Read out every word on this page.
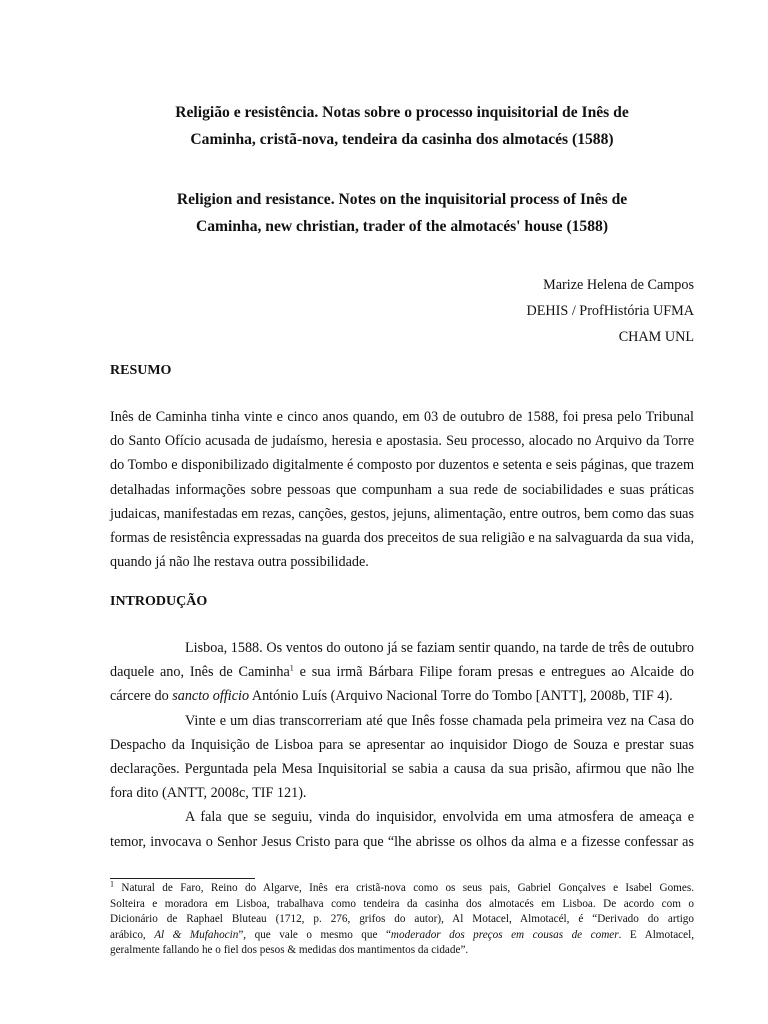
Religião e resistência. Notas sobre o processo inquisitorial de Inês de
Caminha, cristã-nova, tendeira da casinha dos almotacés (1588)
Religion and resistance. Notes on the inquisitorial process of Inês de
Caminha, new christian, trader of the almotacés' house (1588)
Marize Helena de Campos
DEHIS / ProfHistória UFMA
CHAM UNL
RESUMO

Inês de Caminha tinha vinte e cinco anos quando, em 03 de outubro de 1588, foi presa pelo Tribunal
do Santo Ofício acusada de judaísmo, heresia e apostasia. Seu processo, alocado no Arquivo da Torre
do Tombo e disponibilizado digitalmente é composto por duzentos e setenta e seis páginas, que trazem
detalhadas informações sobre pessoas que compunham a sua rede de sociabilidades e suas práticas
judaicas, manifestadas em rezas, canções, gestos, jejuns, alimentação, entre outros, bem como das suas
formas de resistência expressadas na guarda dos preceitos de sua religião e na salvaguarda da sua vida,
quando já não lhe restava outra possibilidade.

INTRODUÇÃO
Lisboa, 1588. Os ventos do outono já se faziam sentir quando, na tarde de três de outubro
daquele ano, Inês de Caminha$^1$ e sua irmã Bárbara Filipe foram presas e entregues ao Alcaide do
cárcere do sancto officio António Luís (Arquivo Nacional Torre do Tombo [ANTT], 2008b, TIF 4).
Vinte e um dias transcorreriam até que Inês fosse chamada pela primeira vez na Casa do
Despacho da Inquisição de Lisboa para se apresentar ao inquisidor Diogo de Souza e prestar suas
declarações. Perguntada pela Mesa Inquisitorial se sabia a causa da sua prisão, afirmou que não lhe
fora dito (ANTT, 2008c, TIF 121).
A fala que se seguiu, vinda do inquisidor, envolvida em uma atmosfera de ameaça e
temor, invocava o Senhor Jesus Cristo para que “lhe abrisse os olhos da alma e a fizesse confessar as
$^1$ Natural de Faro, Reino do Algarve, Inês era cristã-nova como os seus pais, Gabriel Gonçalves e Isabel Gomes.
Solteira e moradora em Lisboa, trabalhava como tendeira da casinha dos almotacés em Lisboa. De acordo com o
Dicionário de Raphael Bluteau (1712, p. 276, grifos do autor), Al Motacel, Almotacél, é “Derivado do artigo
arábico, Al & Mufahocin”, que vale o mesmo que “moderador dos preços em cousas de comer. E Almotacel,
geralmente fallando he o fiel dos pesos & medidas dos mantimentos da cidade”.
